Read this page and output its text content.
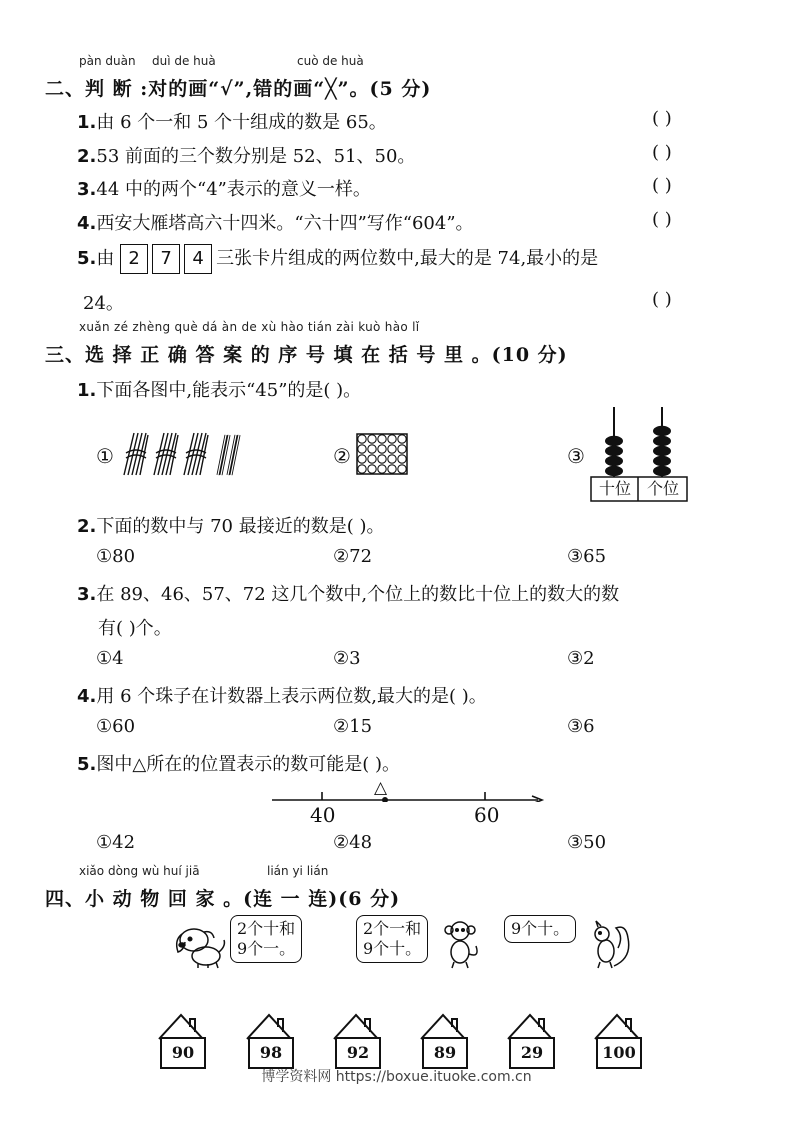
pàn duàn duì de huà	cuò de huà
二、判 断 :对的画“√”,错的画“╳”。(5 分)
1.由 6 个一和 5 个十组成的数是 65。	( )
2.53 前面的三个数分别是 52、51、50。	( )
3.44 中的两个“4”表示的意义一样。	( )
4.西安大雁塔高六十四米。“六十四”写作“604”。	( )
5.由 2 7 4 三张卡片组成的两位数中,最大的是 74,最小的是
24。	( )
xuǎn zé zhèng què dá àn de xù hào tián zài kuò hào lǐ
三、选 择 正 确 答 案 的 序 号 填 在 括 号 里 。(10 分)
1.下面各图中,能表示“45”的是( )。
①	②	③
十位 个位
2.下面的数中与 70 最接近的数是( )。
①80	②72	③65
3.在 89、46、57、72 这几个数中,个位上的数比十位上的数大的数
有( )个。
①4	②3	③2
4.用 6 个珠子在计数器上表示两位数,最大的是( )。
①60	②15	③6
5.图中△所在的位置表示的数可能是( )。
△
40	60
①42	②48	③50
xiǎo dòng wù huí jiā	lián yi lián
四、小 动 物 回 家 。(连 一 连)(6 分)
2个十和
9个一。
2个一和
9个十。
9个十。
90	98	92	89	29	100
博学资料网 https://boxue.ituoke.com.cn
